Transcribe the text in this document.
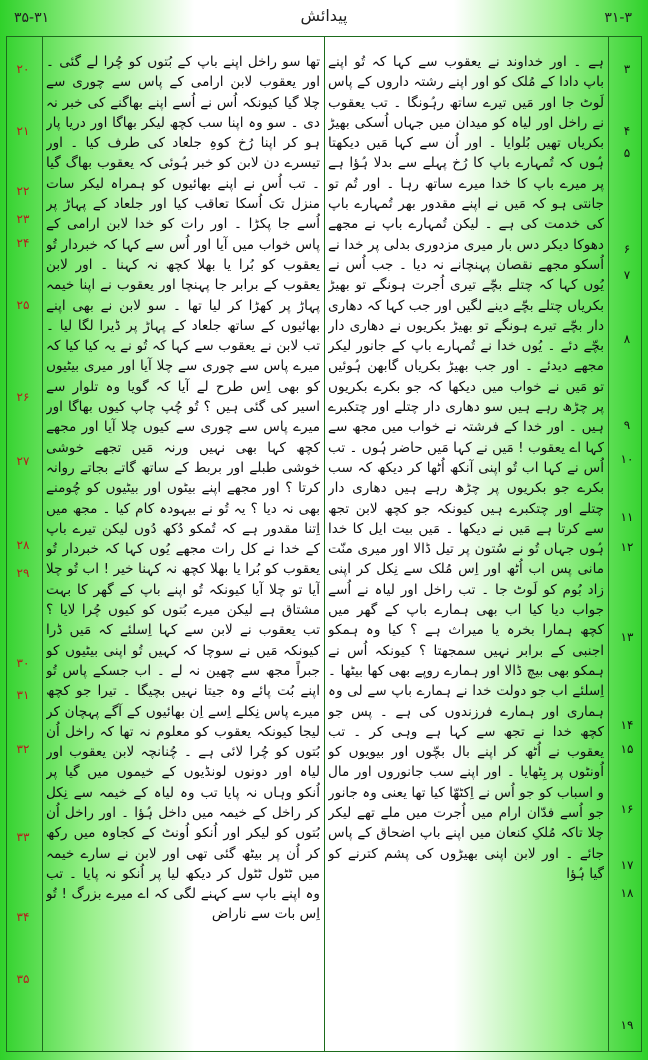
۳۵-۳۱	پیدائش	۳۱-۳

ہے ۔ اور خداوند نے یعقوب سے کہا کہ تُو اپنے باپ دادا کے مُلک کو اور اپنے رشتہ داروں کے پاس لَوٹ جا اور مَیں تیرے ساتھ رہُونگا ۔ تب یعقوب نے راخل اور لیاہ کو میدان میں جہاں اُسکی بھیڑ بکریاں تھیں بُلوایا ۔ اور اُن سے کہا مَیں دیکھتا ہُوں کہ تُمہارے باپ کا رُخ پہلے سے بدلا ہُؤا ہے پر میرے باپ کا خدا میرے ساتھ رہا ۔ اور تُم تو جانتی ہو کہ مَیں نے اپنے مقدور بھر تُمہارے باپ کی خدمت کی ہے ۔ لیکن تُمہارے باپ نے مجھے دھوکا دیکر دس بار میری مزدوری بدلی پر خدا نے اُسکو مجھے نقصان پہنچانے نہ دیا ۔ جب اُس نے یُوں کہا کہ چتلے بچّے تیری اُجرت ہونگے تو بھیڑ بکریاں چتلے بچّے دینے لگیں اور جب کہا کہ دھاری دار بچّے تیرے ہونگے تو بھیڑ بکریوں نے دھاری دار بچّے دئے ۔ یُوں خدا نے تُمہارے باپ کے جانور لیکر مجھے دیدئے ۔ اور جب بھیڑ بکریاں گابھن ہُوئیں تو مَیں نے خواب میں دیکھا کہ جو بکرے بکریوں پر چڑھ رہے ہیں سو دھاری دار چتلے اور چتکبرے ہیں ۔ اور خدا کے فرشتہ نے خواب میں مجھ سے کہا اے یعقوب ! مَیں نے کہا مَیں حاضر ہُوں ۔ تب اُس نے کہا اب تُو اپنی آنکھ اُٹھا کر دیکھ کہ سب بکرے جو بکریوں پر چڑھ رہے ہیں دھاری دار چتلے اور چتکبرے ہیں کیونکہ جو کچھ لابن تجھ سے کرتا ہے مَیں نے دیکھا ۔ مَیں بیت ایل کا خدا ہُوں جہاں تُو نے سُتون پر تیل ڈالا اور میری منّت مانی پس اب اُٹھ اور اِس مُلک سے نِکل کر اپنی زاد بُوم کو لَوٹ جا ۔ تب راخل اور لیاہ نے اُسے جواب دیا کیا اب بھی ہمارے باپ کے گھر میں کچھ ہمارا بخرہ یا میراث ہے ؟ کیا وہ ہمکو اجنبی کے برابر نہیں سمجھتا ؟ کیونکہ اُس نے ہمکو بھی بیچ ڈالا اور ہمارے روپے بھی کھا بیٹھا ۔ اِسلئے اب جو دولت خدا نے ہمارے باپ سے لی وہ ہماری اور ہمارے فرزندوں کی ہے ۔ پس جو کچھ خدا نے تجھ سے کہا ہے وہی کر ۔ تب یعقوب نے اُٹھ کر اپنے بال بچّوں اور بیویوں کو اُونٹوں پر بِٹھایا ۔ اور اپنے سب جانوروں اور مال و اسباب کو جو اُس نے اِکٹھّا کیا تھا یعنی وہ جانور جو اُسے فدّان ارام میں اُجرت میں ملے تھے لیکر چلا تاکہ مُلکِ کنعان میں اپنے باپ اضحاق کے پاس جائے ۔ اور لابن اپنی بھیڑوں کی پشم کترنے کو گیا ہُؤا

تھا سو راخل اپنے باپ کے بُتوں کو چُرا لے گئی ۔ اور یعقوب لابن ارامی کے پاس سے چوری سے چلا گیا کیونکہ اُس نے اُسے اپنے بھاگنے کی خبر نہ دی ۔ سو وہ اپنا سب کچھ لیکر بھاگا اور دریا پار ہو کر اپنا رُخ کوہِ جلعاد کی طرف کیا ۔ اور تیسرے دن لابن کو خبر ہُوئی کہ یعقوب بھاگ گیا ۔ تب اُس نے اپنے بھائیوں کو ہمراہ لیکر سات منزل تک اُسکا تعاقب کیا اور جلعاد کے پہاڑ پر اُسے جا پکڑا ۔ اور رات کو خدا لابن ارامی کے پاس خواب میں آیا اور اُس سے کہا کہ خبردار تُو یعقوب کو بُرا یا بھلا کچھ نہ کہنا ۔ اور لابن یعقوب کے برابر جا پہنچا اور یعقوب نے اپنا خیمہ پہاڑ پر کھڑا کر لیا تھا ۔ سو لابن نے بھی اپنے بھائیوں کے ساتھ جلعاد کے پہاڑ پر ڈیرا لگا لیا ۔ تب لابن نے یعقوب سے کہا کہ تُو نے یہ کیا کیا کہ میرے پاس سے چوری سے چلا آیا اور میری بیٹیوں کو بھی اِس طرح لے آیا کہ گویا وہ تلوار سے اسیر کی گئی ہیں ؟ تُو چُپ چاپ کیوں بھاگا اور میرے پاس سے چوری سے کیوں چلا آیا اور مجھے کچھ کہا بھی نہیں ورنہ مَیں تجھے خوشی خوشی طبلے اور بربط کے ساتھ گاتے بجاتے روانہ کرتا ؟ اور مجھے اپنے بیٹوں اور بیٹیوں کو چُومنے بھی نہ دیا ؟ یہ تُو نے بیہودہ کام کیا ۔ مجھ میں اِتنا مقدور ہے کہ تُمکو دُکھ دُوں لیکن تیرے باپ کے خدا نے کل رات مجھے یُوں کہا کہ خبردار تُو یعقوب کو بُرا یا بھلا کچھ نہ کہنا خیر ! اب تُو چلا آیا تو چلا آیا کیونکہ تُو اپنے باپ کے گھر کا بہت مشتاق ہے لیکن میرے بُتوں کو کیوں چُرا لایا ؟ تب یعقوب نے لابن سے کہا اِسلئے کہ مَیں ڈرا کیونکہ مَیں نے سوچا کہ کہیں تُو اپنی بیٹیوں کو جبراً مجھ سے چھین نہ لے ۔ اب جسکے پاس تُو اپنے بُت پائے وہ جیتا نہیں بچیگا ۔ تیرا جو کچھ میرے پاس نِکلے اِسے اِن بھائیوں کے آگے پہچان کر لیجا کیونکہ یعقوب کو معلوم نہ تھا کہ راخل اُن بُتوں کو چُرا لائی ہے ۔ چُنانچہ لابن یعقوب اور لیاہ اور دونوں لونڈیوں کے خیموں میں گیا پر اُنکو وہاں نہ پایا تب وہ لیاہ کے خیمہ سے نِکل کر راخل کے خیمہ میں داخل ہُؤا ۔ اور راخل اُن بُتوں کو لیکر اور اُنکو اُونٹ کے کجاوہ میں رکھ کر اُن پر بیٹھ گئی تھی اور لابن نے سارے خیمہ میں ٹٹول ٹٹول کر دیکھ لیا پر اُنکو نہ پایا ۔ تب وہ اپنے باپ سے کہنے لگی کہ اے میرے بزرگ ! تُو اِس بات سے ناراض

۳
۴
۵
۶
۷
۸
۹
۱۰
۱۱
۱۲
۱۳
۱۴
۱۵
۱۶
۱۷
۱۸
۱۹
۲۰
۲۱
۲۲
۲۳
۲۴
۲۵
۲۶
۲۷
۲۸
۲۹
۳۰
۳۱
۳۲
۳۳
۳۴
۳۵
